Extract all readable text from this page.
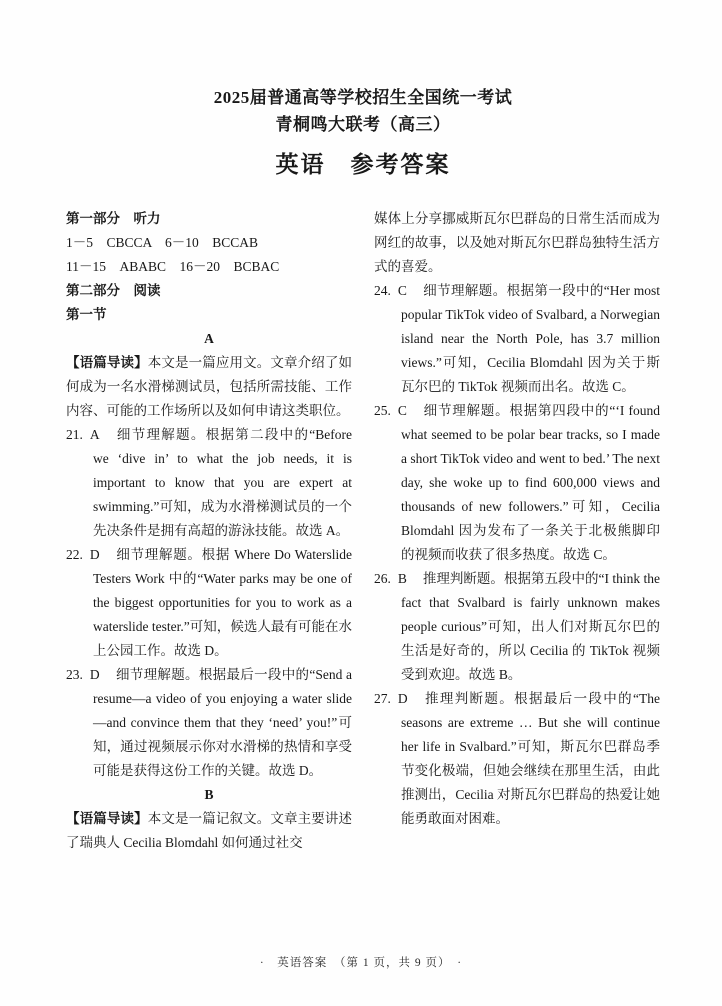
2025届普通高等学校招生全国统一考试
青桐鸣大联考（高三）
英语　参考答案

第一部分　听力

1－5　CBCCA　6－10　BCCAB

11－15　ABABC　16－20　BCBAC

第二部分　阅读

第一节

A

【语篇导读】本文是一篇应用文。文章介绍了如何成为一名水滑梯测试员，包括所需技能、工作内容、可能的工作场所以及如何申请这类职位。

21. A 细节理解题。根据第二段中的“Before we ‘dive in’ to what the job needs, it is important to know that you are expert at swimming.”可知，成为水滑梯测试员的一个先决条件是拥有高超的游泳技能。故选 A。

22. D 细节理解题。根据 Where Do Waterslide Testers Work 中的“Water parks may be one of the biggest opportunities for you to work as a waterslide tester.”可知，候选人最有可能在水上公园工作。故选 D。

23. D 细节理解题。根据最后一段中的“Send a resume—a video of you enjoying a water slide—and convince them that they ‘need’ you!”可知，通过视频展示你对水滑梯的热情和享受可能是获得这份工作的关键。故选 D。

B

【语篇导读】本文是一篇记叙文。文章主要讲述了瑞典人 Cecilia Blomdahl 如何通过社交

媒体上分享挪威斯瓦尔巴群岛的日常生活而成为网红的故事，以及她对斯瓦尔巴群岛独特生活方式的喜爱。

24. C 细节理解题。根据第一段中的“Her most popular TikTok video of Svalbard, a Norwegian island near the North Pole, has 3.7 million views.”可知，Cecilia Blomdahl 因为关于斯瓦尔巴的 TikTok 视频而出名。故选 C。

25. C 细节理解题。根据第四段中的“‘I found what seemed to be polar bear tracks, so I made a short TikTok video and went to bed.’ The next day, she woke up to find 600,000 views and thousands of new followers.”可知，Cecilia Blomdahl 因为发布了一条关于北极熊脚印的视频而收获了很多热度。故选 C。

26. B 推理判断题。根据第五段中的“I think the fact that Svalbard is fairly unknown makes people curious”可知，出人们对斯瓦尔巴的生活是好奇的，所以 Cecilia 的 TikTok 视频受到欢迎。故选 B。

27. D 推理判断题。根据最后一段中的“The seasons are extreme … But she will continue her life in Svalbard.”可知，斯瓦尔巴群岛季节变化极端，但她会继续在那里生活，由此推测出，Cecilia 对斯瓦尔巴群岛的热爱让她能勇敢面对困难。

·　英语答案　（第 1 页，共 9 页）　·
